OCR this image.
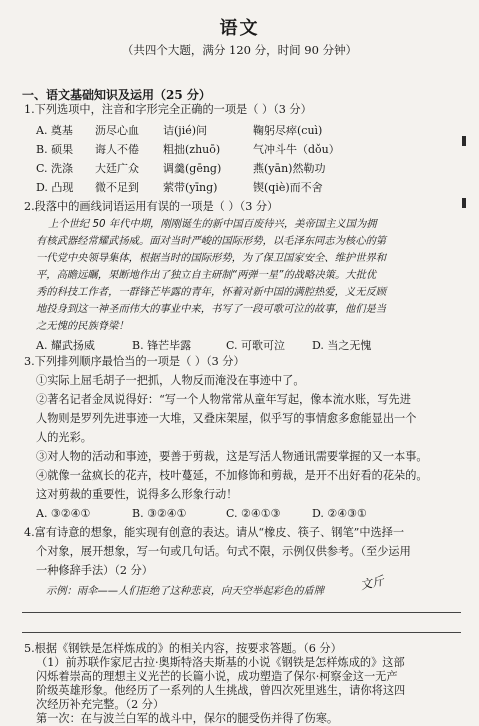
语文
（共四个大题，满分 120 分，时间 90 分钟）
一、语文基础知识及运用（25 分）
1.下列选项中，注音和字形完全正确的一项是（ ）（3 分）
A. 奠基 沥尽心血 诘(jié)问	鞠躬尽瘁(cuì)
B. 硕果 诲人不倦 粗拙(zhuō)	气冲斗牛（dǒu）
C. 洗涤 大廷广众 调羹(gēng)	燕(yān)然勒功
D. 凸现 微不足到 萦带(yīng)	锲(qiè)而不舍
2.段落中的画线词语运用有误的一项是（ ）（3 分）
上个世纪 50 年代中期，刚刚诞生的新中国百废待兴，美帝国主义国为拥
有核武器经常耀武扬威。面对当时严峻的国际形势，以毛泽东同志为核心的第
一代党中央领导集体，根据当时的国际形势，为了保卫国家安全、维护世界和
平，高瞻远瞩，果断地作出了独立自主研制“两弹一星”的战略决策。大批优
秀的科技工作者，一群锋芒毕露的青年，怀着对新中国的满腔热爱，义无反顾
地投身到这一神圣而伟大的事业中来，书写了一段可歌可泣的故事，他们是当
之无愧的民族脊梁！
A. 耀武扬威	B. 锋芒毕露	C. 可歌可泣 D. 当之无愧
3.下列排列顺序最恰当的一项是（ ）（3 分）
①实际上屈毛胡子一把抓，人物反而淹没在事迹中了。
②著名记者金凤说得好：“写一个人物常常从童年写起，像本流水账，写先进
人物则是罗列先进事迹一大堆，又叠床架屋，似乎写的事情愈多愈能显出一个
人的光彩。
③对人物的活动和事迹，要善于剪裁，这是写活人物通讯需要掌握的又一本事。
④就像一盆疯长的花卉，枝叶蔓延，不加修饰和剪裁，是开不出好看的花朵的。
这对剪裁的重要性，说得多么形象行动！
A. ③②④①	B. ③②④①	C. ②④①③	D. ②④③①
4.富有诗意的想象，能实现有创意的表达。请从“橡皮、筷子、钢笔”中选择一
个对象，展开想象，写一句或几句话。句式不限，示例仅供参考。（至少运用
一种修辞手法）（2 分）
示例：雨伞——人们拒绝了这种悲哀，向天空举起彩色的盾牌	文斤
5.根据《钢铁是怎样炼成的》的相关内容，按要求答题。（6 分）
（1）前苏联作家尼古拉·奥斯特洛夫斯基的小说《钢铁是怎样炼成的》这部
闪烁着崇高的理想主义光芒的长篇小说，成功塑造了保尔·柯察金这一无产
阶级英雄形象。他经历了一系列的人生挑战，曾四次死里逃生，请你将这四
次经历补充完整。（2 分）
第一次：在与波兰白军的战斗中，保尔的腿受伤并得了伤寒。
